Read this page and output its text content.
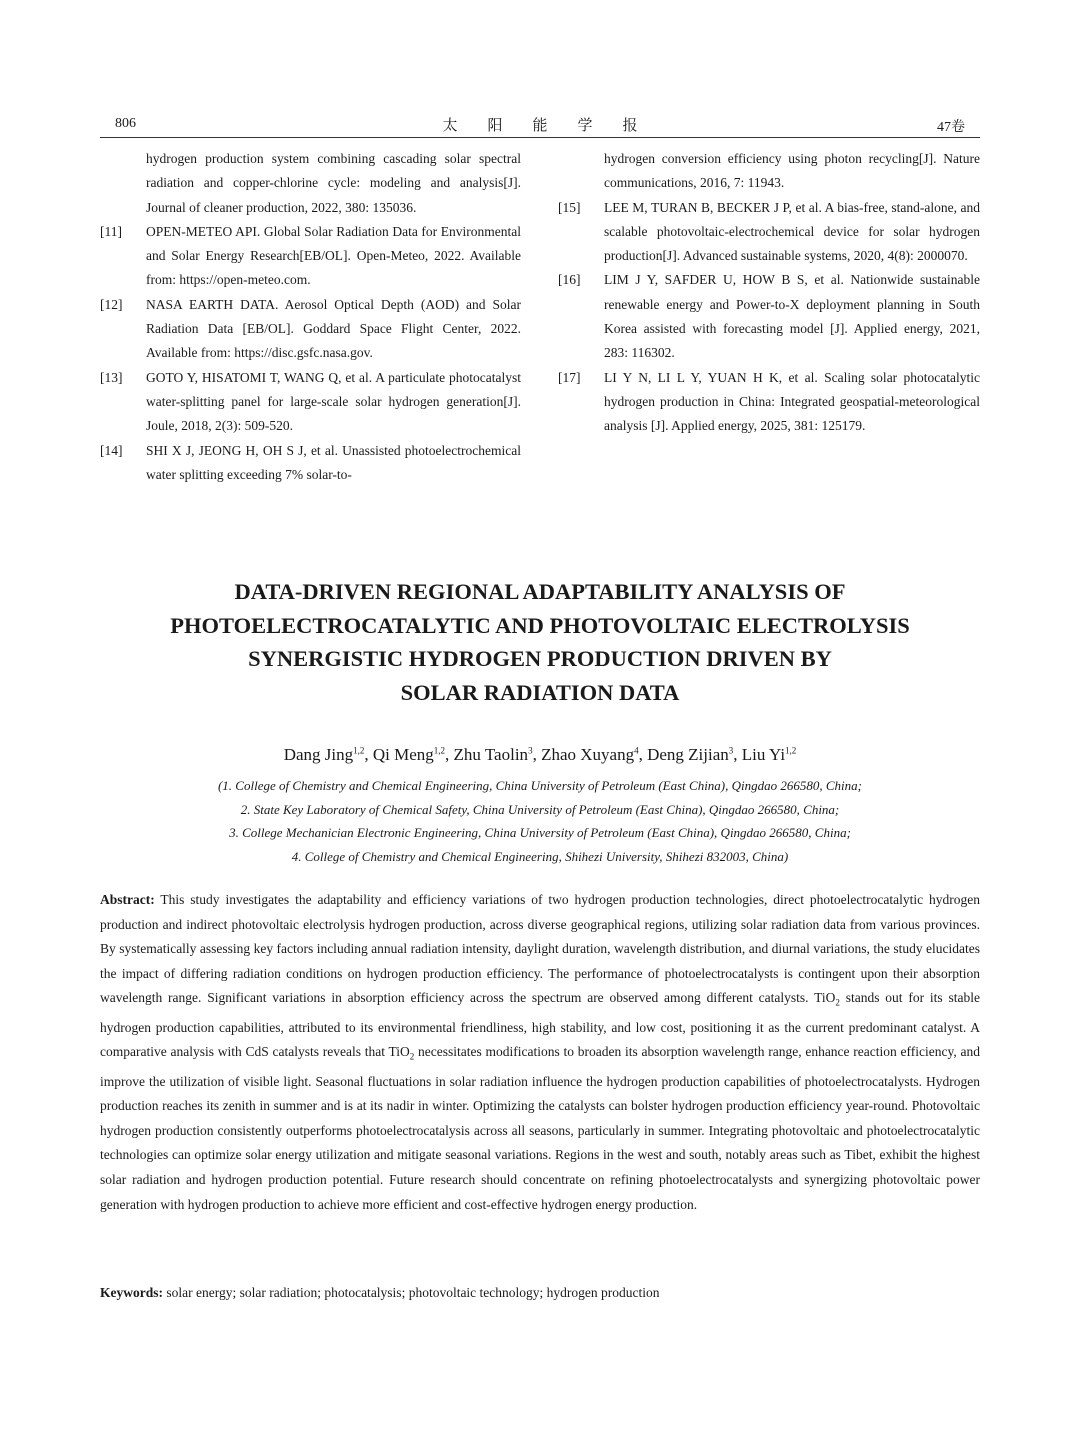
806	太阳能学报	47卷
hydrogen production system combining cascading solar spectral radiation and copper-chlorine cycle: modeling and analysis[J]. Journal of cleaner production, 2022, 380: 135036.
[11] OPEN-METEO API. Global Solar Radiation Data for Environmental and Solar Energy Research[EB/OL]. Open-Meteo, 2022. Available from: https://open-meteo.com.
[12] NASA EARTH DATA. Aerosol Optical Depth (AOD) and Solar Radiation Data [EB/OL]. Goddard Space Flight Center, 2022. Available from: https://disc.gsfc.nasa.gov.
[13] GOTO Y, HISATOMI T, WANG Q, et al. A particulate photocatalyst water-splitting panel for large-scale solar hydrogen generation[J]. Joule, 2018, 2(3): 509-520.
[14] SHI X J, JEONG H, OH S J, et al. Unassisted photoelectrochemical water splitting exceeding 7% solar-to-
hydrogen conversion efficiency using photon recycling[J]. Nature communications, 2016, 7: 11943.
[15] LEE M, TURAN B, BECKER J P, et al. A bias-free, stand-alone, and scalable photovoltaic-electrochemical device for solar hydrogen production[J]. Advanced sustainable systems, 2020, 4(8): 2000070.
[16] LIM J Y, SAFDER U, HOW B S, et al. Nationwide sustainable renewable energy and Power-to-X deployment planning in South Korea assisted with forecasting model [J]. Applied energy, 2021, 283: 116302.
[17] LI Y N, LI L Y, YUAN H K, et al. Scaling solar photocatalytic hydrogen production in China: Integrated geospatial-meteorological analysis [J]. Applied energy, 2025, 381: 125179.
DATA-DRIVEN REGIONAL ADAPTABILITY ANALYSIS OF
PHOTOELECTROCATALYTIC AND PHOTOVOLTAIC ELECTROLYSIS
SYNERGISTIC HYDROGEN PRODUCTION DRIVEN BY
SOLAR RADIATION DATA
Dang Jing$^{1,2}$, Qi Meng$^{1,2}$, Zhu Taolin$^3$, Zhao Xuyang$^4$, Deng Zijian$^3$, Liu Yi$^{1,2}$
(1. College of Chemistry and Chemical Engineering, China University of Petroleum (East China), Qingdao 266580, China;
2. State Key Laboratory of Chemical Safety, China University of Petroleum (East China), Qingdao 266580, China;
3. College Mechanician Electronic Engineering, China University of Petroleum (East China), Qingdao 266580, China;
4. College of Chemistry and Chemical Engineering, Shihezi University, Shihezi 832003, China)
Abstract: This study investigates the adaptability and efficiency variations of two hydrogen production technologies, direct photoelectrocatalytic hydrogen production and indirect photovoltaic electrolysis hydrogen production, across diverse geographical regions, utilizing solar radiation data from various provinces. By systematically assessing key factors including annual radiation intensity, daylight duration, wavelength distribution, and diurnal variations, the study elucidates the impact of differing radiation conditions on hydrogen production efficiency. The performance of photoelectrocatalysts is contingent upon their absorption wavelength range. Significant variations in absorption efficiency across the spectrum are observed among different catalysts. TiO$_2$ stands out for its stable hydrogen production capabilities, attributed to its environmental friendliness, high stability, and low cost, positioning it as the current predominant catalyst. A comparative analysis with CdS catalysts reveals that TiO$_2$ necessitates modifications to broaden its absorption wavelength range, enhance reaction efficiency, and improve the utilization of visible light. Seasonal fluctuations in solar radiation influence the hydrogen production capabilities of photoelectrocatalysts. Hydrogen production reaches its zenith in summer and is at its nadir in winter. Optimizing the catalysts can bolster hydrogen production efficiency year-round. Photovoltaic hydrogen production consistently outperforms photoelectrocatalysis across all seasons, particularly in summer. Integrating photovoltaic and photoelectrocatalytic technologies can optimize solar energy utilization and mitigate seasonal variations. Regions in the west and south, notably areas such as Tibet, exhibit the highest solar radiation and hydrogen production potential. Future research should concentrate on refining photoelectrocatalysts and synergizing photovoltaic power generation with hydrogen production to achieve more efficient and cost-effective hydrogen energy production.
Keywords: solar energy; solar radiation; photocatalysis; photovoltaic technology; hydrogen production
